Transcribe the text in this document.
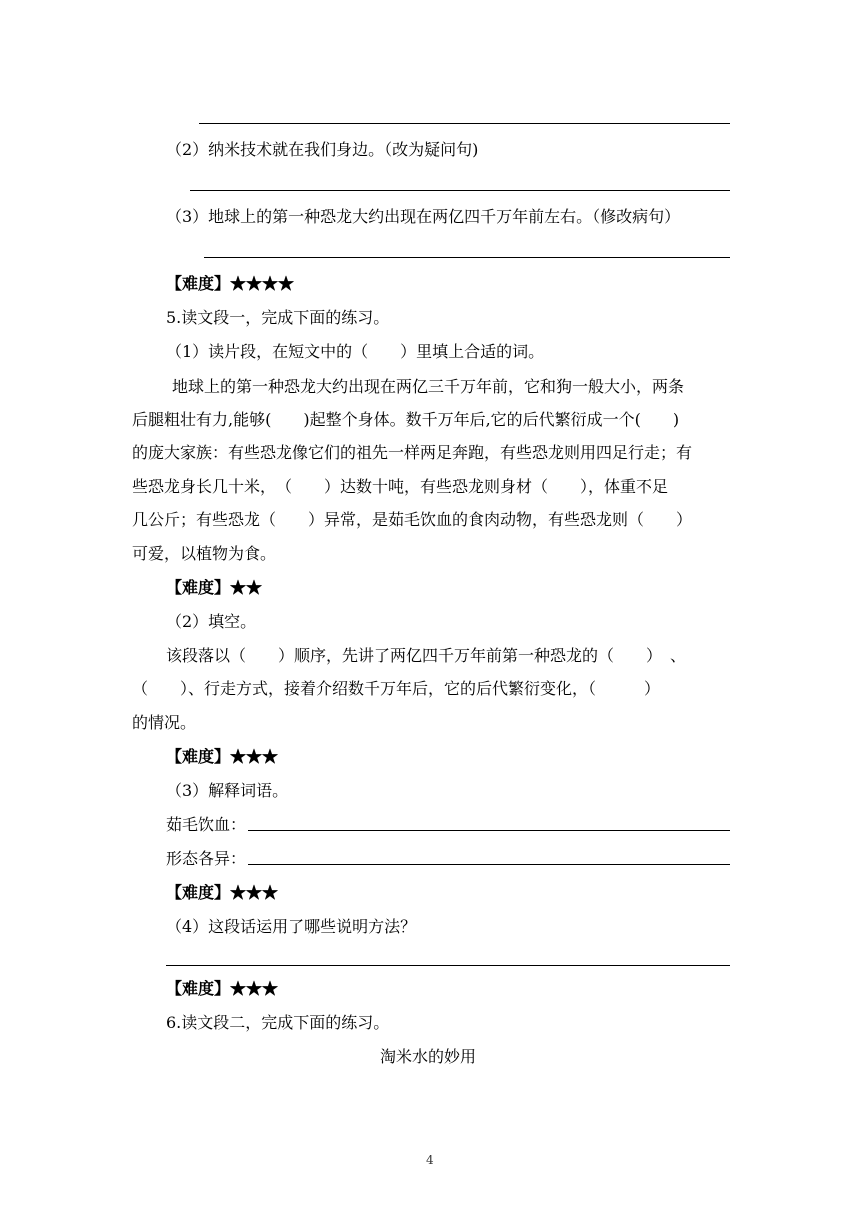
（2）纳米技术就在我们身边。（改为疑问句)
（3）地球上的第一种恐龙大约出现在两亿四千万年前左右。（修改病句）
【难度】★★★★
5.读文段一，完成下面的练习。
（1）读片段，在短文中的（　　）里填上合适的词。
地球上的第一种恐龙大约出现在两亿三千万年前，它和狗一般大小，两条
后腿粗壮有力,能够(　　)起整个身体。数千万年后,它的后代繁衍成一个(　　)
的庞大家族：有些恐龙像它们的祖先一样两足奔跑，有些恐龙则用四足行走；有
些恐龙身长几十米，　（　　）达数十吨，有些恐龙则身材（　　），体重不足
几公斤；有些恐龙（　　）异常，是茹毛饮血的食肉动物，有些恐龙则（　　）
可爱，以植物为食。
【难度】★★
（2）填空。
该段落以（　　）顺序，先讲了两亿四千万年前第一种恐龙的（　　）　、
（　　）、行走方式，接着介绍数千万年后，它的后代繁衍变化，（　　　）
的情况。
【难度】★★★
（3）解释词语。
茹毛饮血：
形态各异：
【难度】★★★
（4）这段话运用了哪些说明方法？
【难度】★★★
6.读文段二，完成下面的练习。
淘米水的妙用
4
